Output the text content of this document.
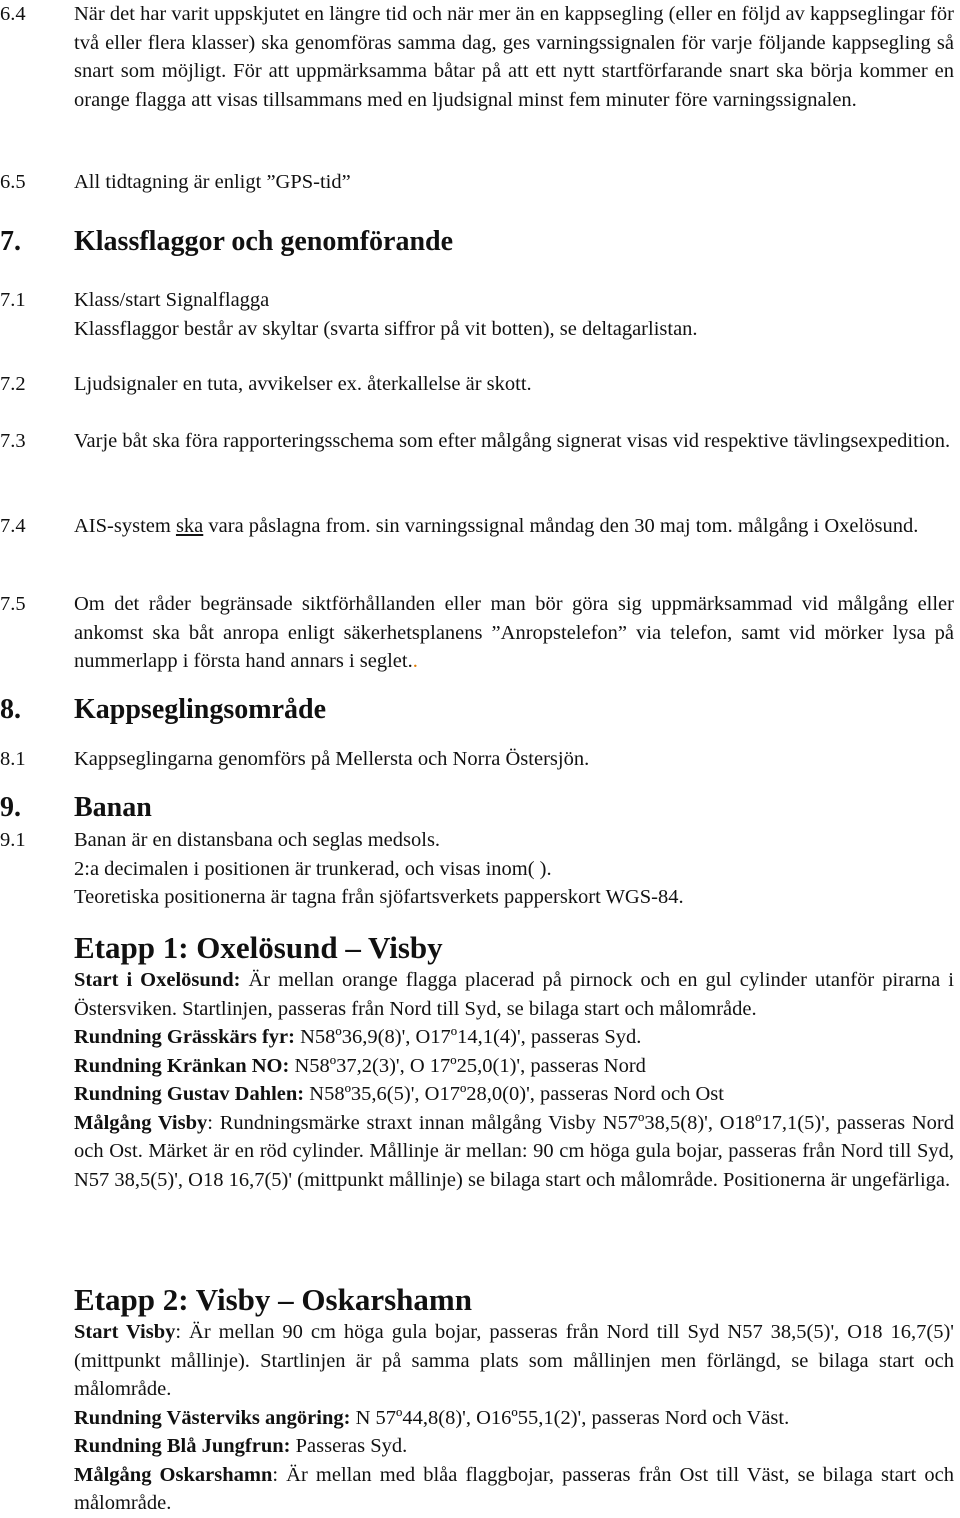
6.4	När det har varit uppskjutet en längre tid och när mer än en kappsegling (eller en följd av kappseglingar för två eller flera klasser) ska genomföras samma dag, ges varningssignalen för varje följande kappsegling så snart som möjligt. För att uppmärksamma båtar på att ett nytt startförfarande snart ska börja kommer en orange flagga att visas tillsammans med en ljudsignal minst fem minuter före varningssignalen.
6.5	All tidtagning är enligt ”GPS-tid”
7.	Klassflaggor och genomförande
7.1	Klass/start Signalflagga
Klassflaggor består av skyltar (svarta siffror på vit botten), se deltagarlistan.
7.2	Ljudsignaler en tuta, avvikelser ex. återkallelse är skott.
7.3	Varje båt ska föra rapporteringsschema som efter målgång signerat visas vid respektive tävlingsexpedition.
7.4	AIS-system ska vara påslagna from. sin varningssignal måndag den 30 maj tom. målgång i Oxelösund.
7.5	Om det råder begränsade siktförhållanden eller man bör göra sig uppmärksammad vid målgång eller ankomst ska båt anropa enligt säkerhetsplanens ”Anropstelefon” via telefon, samt vid mörker lysa på nummerlapp i första hand annars i seglet..
8.	Kappseglingsområde
8.1	Kappseglingarna genomförs på Mellersta och Norra Östersjön.
9.	Banan
9.1	Banan är en distansbana och seglas medsols.
2:a decimalen i positionen är trunkerad, och visas inom( ).
Teoretiska positionerna är tagna från sjöfartsverkets papperskort WGS-84.
Etapp 1: Oxelösund – Visby
Start i Oxelösund: Är mellan orange flagga placerad på pirnock och en gul cylinder utanför pirarna i Östersviken. Startlinjen, passeras från Nord till Syd, se bilaga start och målområde.
Rundning Grässkärs fyr: N58º36,9(8)', O17º14,1(4)', passeras Syd.
Rundning Kränkan NO: N58º37,2(3)', O 17º25,0(1)', passeras Nord
Rundning Gustav Dahlen: N58º35,6(5)', O17º28,0(0)', passeras Nord och Ost
Målgång Visby: Rundningsmärke straxt innan målgång Visby N57º38,5(8)', O18º17,1(5)', passeras Nord och Ost. Märket är en röd cylinder. Mållinje är mellan: 90 cm höga gula bojar, passeras från Nord till Syd, N57 38,5(5)', O18 16,7(5)' (mittpunkt mållinje) se bilaga start och målområde. Positionerna är ungefärliga.
Etapp 2: Visby – Oskarshamn
Start Visby: Är mellan 90 cm höga gula bojar, passeras från Nord till Syd N57 38,5(5)', O18 16,7(5)' (mittpunkt mållinje). Startlinjen är på samma plats som mållinjen men förlängd, se bilaga start och målområde.
Rundning Västerviks angöring: N 57º44,8(8)', O16º55,1(2)', passeras Nord och Väst.
Rundning Blå Jungfrun: Passeras Syd.
Målgång Oskarshamn: Är mellan med blåa flaggbojar, passeras från Ost till Väst, se bilaga start och målområde.
